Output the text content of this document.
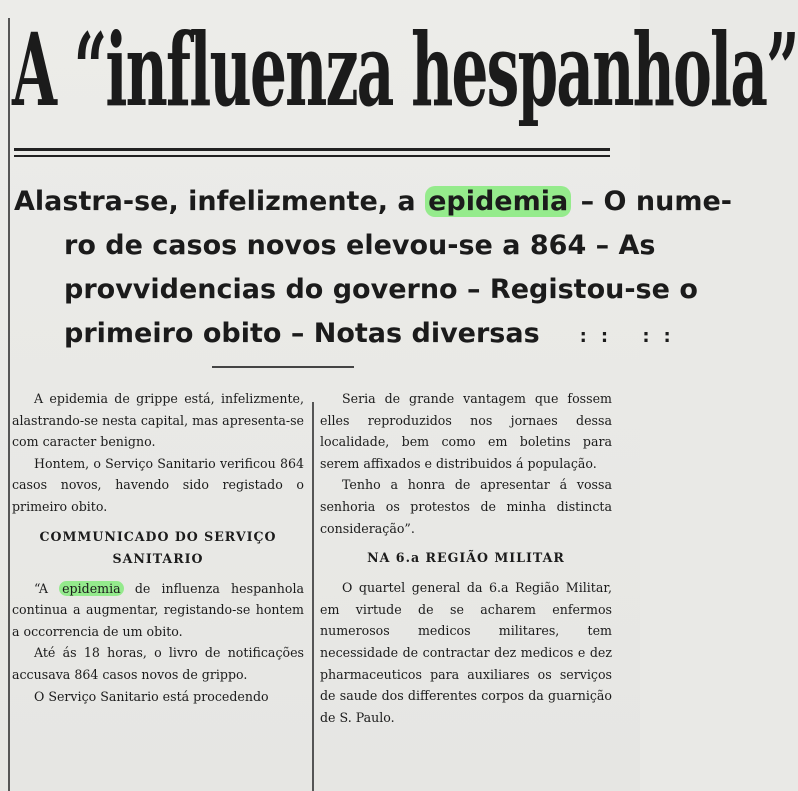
A “influenza hespanhola”
Alastra-se, infelizmente, a epidemia – O nume-
ro de casos novos elevou-se a 864 – As
provvidencias do governo – Registou-se o
primeiro obito – Notas diversas :: ::

A epidemia de grippe está, infelizmente, alastrando-se nesta capital, mas apresenta-se com caracter benigno.

Hontem, o Serviço Sanitario verificou 864 casos novos, havendo sido registado o primeiro obito.

COMMUNICADO DO SERVIÇO
SANITARIO

“A epidemia de influenza hespanhola continua a augmentar, registando-se hontem a occorrencia de um obito.

Até ás 18 horas, o livro de notificações accusava 864 casos novos de grippo.

O Serviço Sanitario está procedendo

Seria de grande vantagem que fossem elles reproduzidos nos jornaes dessa localidade, bem como em boletins para serem affixados e distribuidos á população.

Tenho a honra de apresentar á vossa senhoria os protestos de minha distincta consideração”.

NA 6.a REGIÃO MILITAR

O quartel general da 6.a Região Militar, em virtude de se acharem enfermos numerosos medicos militares, tem necessidade de contractar dez medicos e dez pharmaceuticos para auxiliares os serviços de saude dos differentes corpos da guarnição de S. Paulo.
